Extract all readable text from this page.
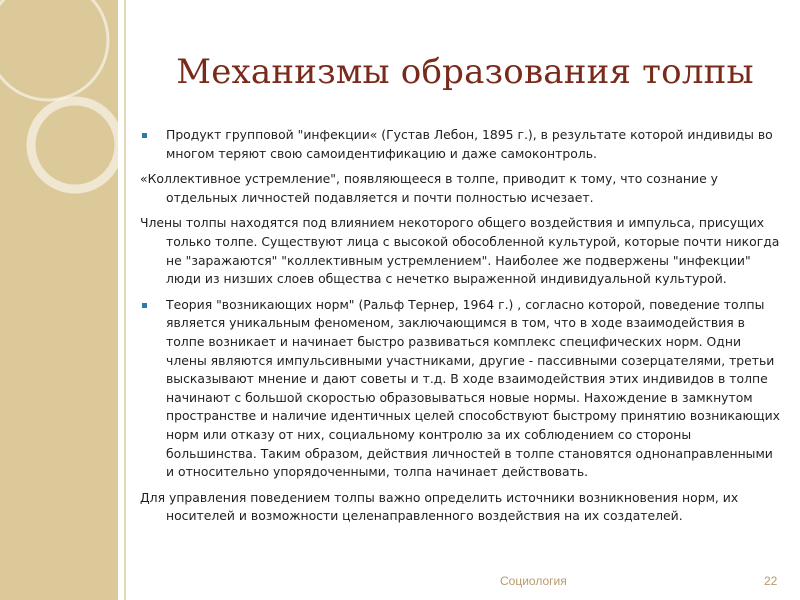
Механизмы образования толпы

Продукт групповой "инфекции« (Густав Лебон, 1895 г.), в результате которой индивиды во многом теряют свою самоидентификацию и даже самоконтроль.

«Коллективное устремление", появляющееся в толпе, приводит к тому, что сознание у отдельных личностей подавляется и почти полностью исчезает.

Члены толпы находятся под влиянием некоторого общего воздействия и импульса, присущих только толпе. Существуют лица с высокой обособленной культурой, которые почти никогда не "заражаются" "коллективным устремлением". Наиболее же подвержены "инфекции" люди из низших слоев общества с нечетко выраженной индивидуальной культурой.

Теория "возникающих норм" (Ральф Тернер, 1964 г.) , согласно которой, поведение толпы является уникальным феноменом, заключающимся в том, что в ходе взаимодействия в толпе возникает и начинает быстро развиваться комплекс специфических норм. Одни члены являются импульсивными участниками, другие - пассивными созерцателями, третьи высказывают мнение и дают советы и т.д. В ходе взаимодействия этих индивидов в толпе начинают с большой скоростью образовываться новые нормы. Нахождение в замкнутом пространстве и наличие идентичных целей способствуют быстрому принятию возникающих норм или отказу от них, социальному контролю за их соблюдением со стороны большинства. Таким образом, действия личностей в толпе становятся однонаправленными и относительно упорядоченными, толпа начинает действовать.

Для управления поведением толпы важно определить источники возникновения норм, их носителей и возможности целенаправленного воздействия на их создателей.

Социология	22
